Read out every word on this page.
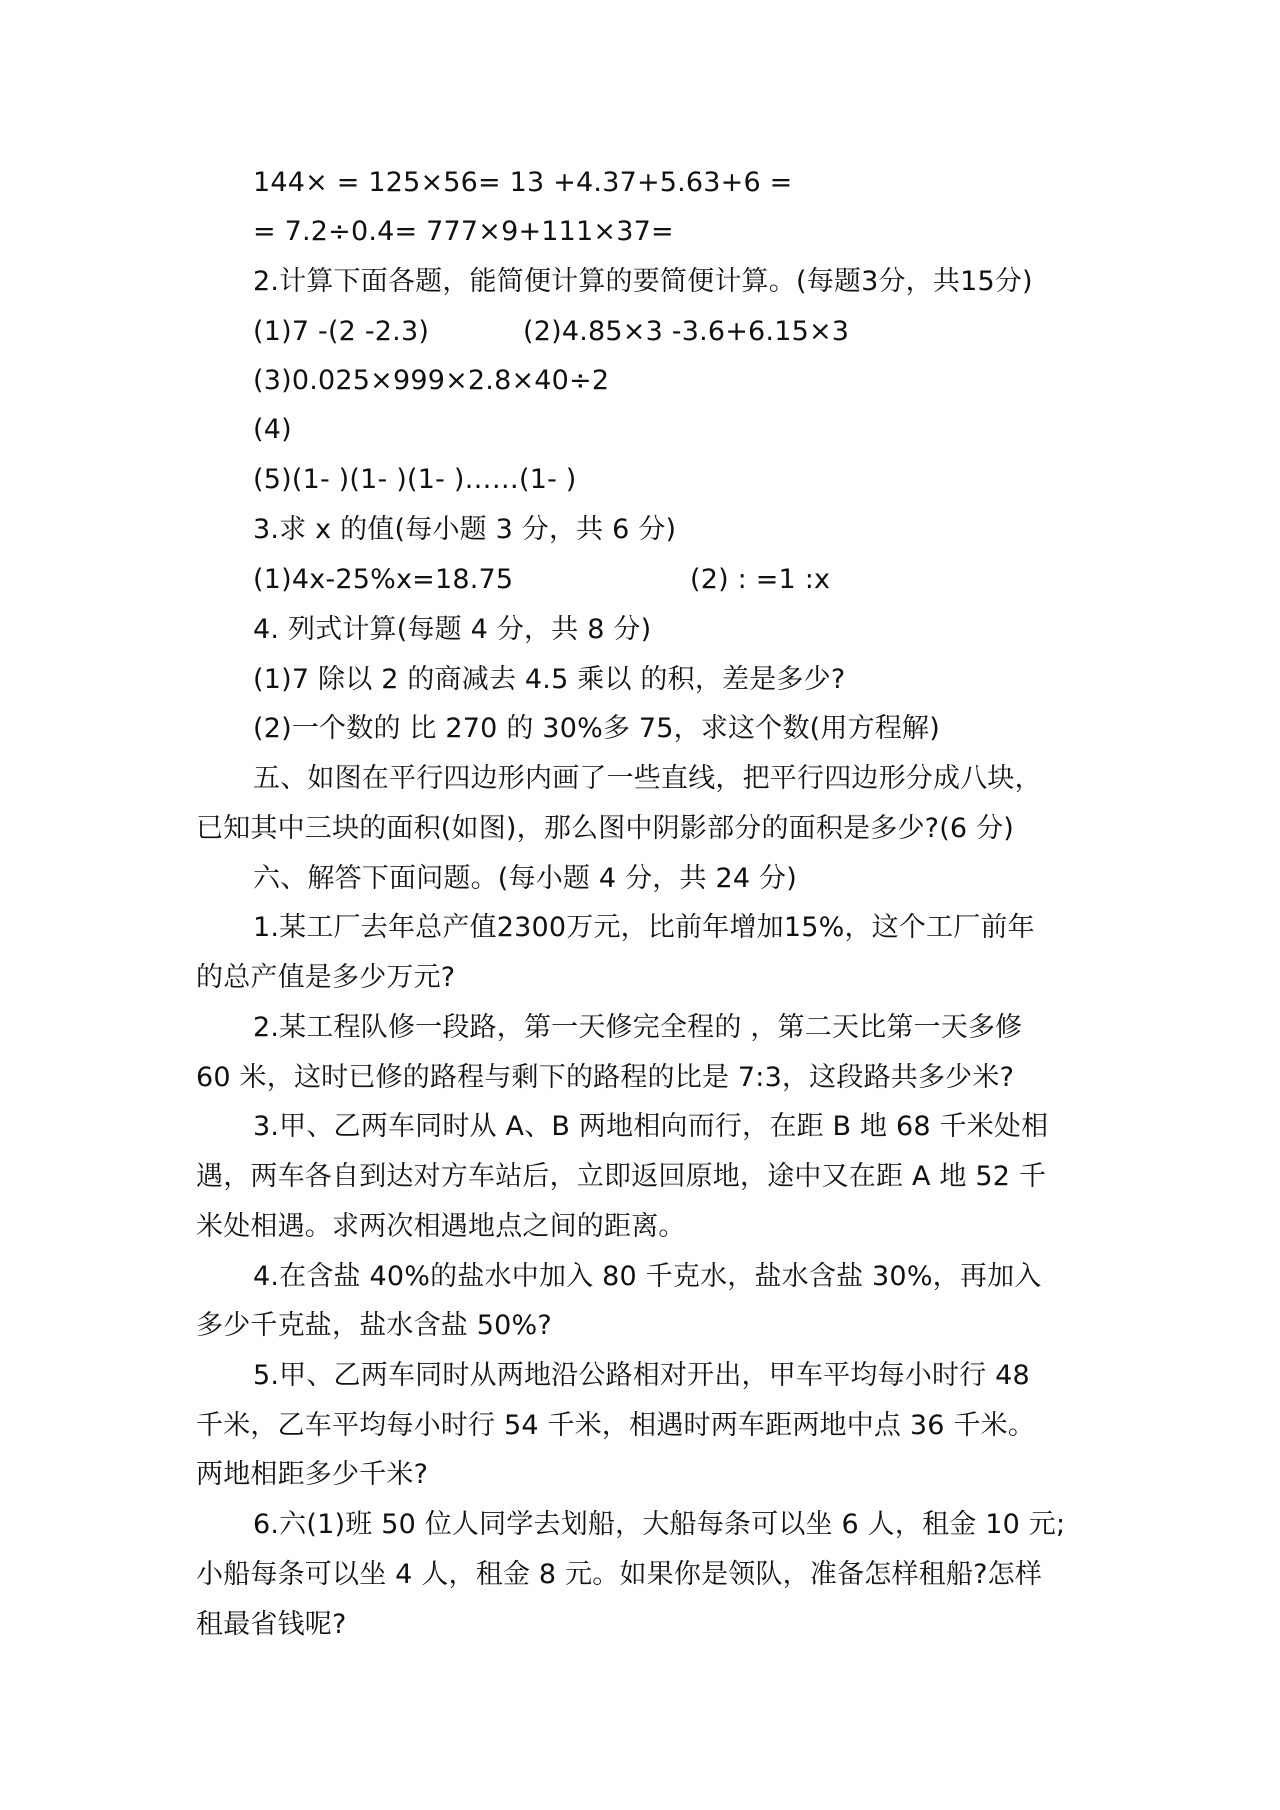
144× = 125×56= 13 +4.37+5.63+6 =
= 7.2÷0.4= 777×9+111×37=
2.计算下面各题，能简便计算的要简便计算。(每题3分，共15分)
(1)7 -(2 -2.3)	(2)4.85×3 -3.6+6.15×3
(3)0.025×999×2.8×40÷2
(4)
(5)(1- )(1- )(1- )……(1- )
3.求 x 的值(每小题 3 分，共 6 分)
(1)4x-25%x=18.75	(2) : =1 :x
4. 列式计算(每题 4 分，共 8 分)
(1)7 除以 2 的商减去 4.5 乘以 的积，差是多少?
(2)一个数的 比 270 的 30%多 75，求这个数(用方程解)
五、如图在平行四边形内画了一些直线，把平行四边形分成八块，
已知其中三块的面积(如图)，那么图中阴影部分的面积是多少?(6 分)
六、解答下面问题。(每小题 4 分，共 24 分)
1.某工厂去年总产值2300万元，比前年增加15%，这个工厂前年
的总产值是多少万元?
2.某工程队修一段路，第一天修完全程的 ，第二天比第一天多修
60 米，这时已修的路程与剩下的路程的比是 7:3，这段路共多少米?
3.甲、乙两车同时从 A、B 两地相向而行，在距 B 地 68 千米处相
遇，两车各自到达对方车站后，立即返回原地，途中又在距 A 地 52 千
米处相遇。求两次相遇地点之间的距离。
4.在含盐 40%的盐水中加入 80 千克水，盐水含盐 30%，再加入
多少千克盐，盐水含盐 50%?
5.甲、乙两车同时从两地沿公路相对开出，甲车平均每小时行 48
千米，乙车平均每小时行 54 千米，相遇时两车距两地中点 36 千米。
两地相距多少千米?
6.六(1)班 50 位人同学去划船，大船每条可以坐 6 人，租金 10 元;
小船每条可以坐 4 人，租金 8 元。如果你是领队，准备怎样租船?怎样
租最省钱呢?
